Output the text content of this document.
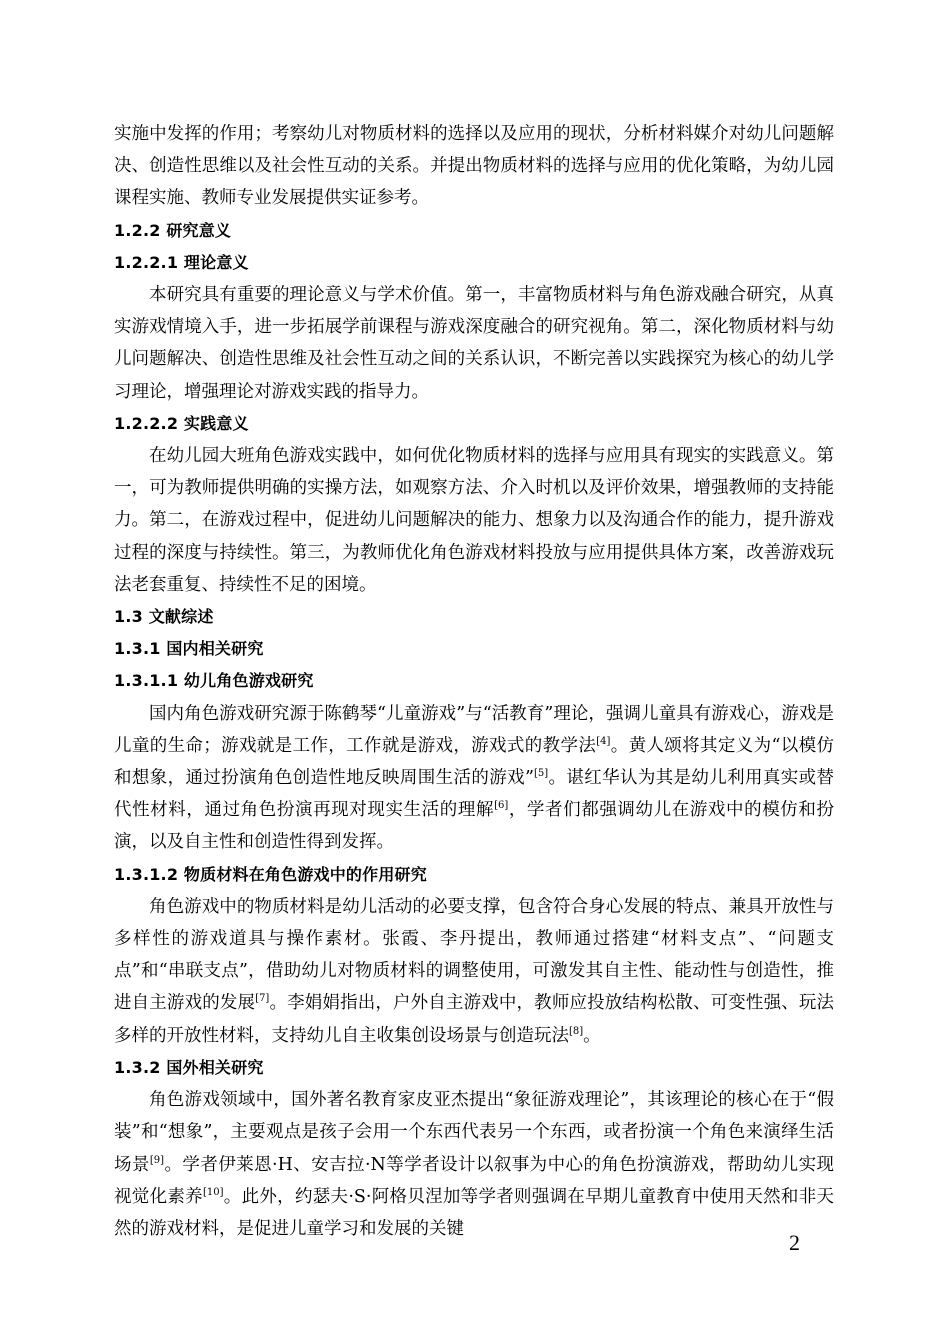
实施中发挥的作用；考察幼儿对物质材料的选择以及应用的现状，分析材料媒介对幼儿问题解决、创造性思维以及社会性互动的关系。并提出物质材料的选择与应用的优化策略，为幼儿园课程实施、教师专业发展提供实证参考。

1.2.2 研究意义

1.2.2.1 理论意义

本研究具有重要的理论意义与学术价值。第一，丰富物质材料与角色游戏融合研究，从真实游戏情境入手，进一步拓展学前课程与游戏深度融合的研究视角。第二，深化物质材料与幼儿问题解决、创造性思维及社会性互动之间的关系认识，不断完善以实践探究为核心的幼儿学习理论，增强理论对游戏实践的指导力。

1.2.2.2 实践意义

在幼儿园大班角色游戏实践中，如何优化物质材料的选择与应用具有现实的实践意义。第一，可为教师提供明确的实操方法，如观察方法、介入时机以及评价效果，增强教师的支持能力。第二，在游戏过程中，促进幼儿问题解决的能力、想象力以及沟通合作的能力，提升游戏过程的深度与持续性。第三，为教师优化角色游戏材料投放与应用提供具体方案，改善游戏玩法老套重复、持续性不足的困境。

1.3 文献综述

1.3.1 国内相关研究

1.3.1.1 幼儿角色游戏研究

国内角色游戏研究源于陈鹤琴“儿童游戏”与“活教育”理论，强调儿童具有游戏心，游戏是儿童的生命；游戏就是工作，工作就是游戏，游戏式的教学法[4]。黄人颂将其定义为“以模仿和想象，通过扮演角色创造性地反映周围生活的游戏”[5]。谌红华认为其是幼儿利用真实或替代性材料，通过角色扮演再现对现实生活的理解[6]，学者们都强调幼儿在游戏中的模仿和扮演，以及自主性和创造性得到发挥。

1.3.1.2 物质材料在角色游戏中的作用研究

角色游戏中的物质材料是幼儿活动的必要支撑，包含符合身心发展的特点、兼具开放性与多样性的游戏道具与操作素材。张霞、李丹提出，教师通过搭建“材料支点”、“问题支点”和“串联支点”，借助幼儿对物质材料的调整使用，可激发其自主性、能动性与创造性，推进自主游戏的发展[7]。李娟娟指出，户外自主游戏中，教师应投放结构松散、可变性强、玩法多样的开放性材料，支持幼儿自主收集创设场景与创造玩法[8]。

1.3.2 国外相关研究

角色游戏领域中，国外著名教育家皮亚杰提出“象征游戏理论”，其该理论的核心在于“假装”和“想象”，主要观点是孩子会用一个东西代表另一个东西，或者扮演一个角色来演绎生活场景[9]。学者伊莱恩·H、安吉拉·N等学者设计以叙事为中心的角色扮演游戏，帮助幼儿实现视觉化素养[10]。此外，约瑟夫·S·阿格贝涅加等学者则强调在早期儿童教育中使用天然和非天然的游戏材料，是促进儿童学习和发展的关键

2
